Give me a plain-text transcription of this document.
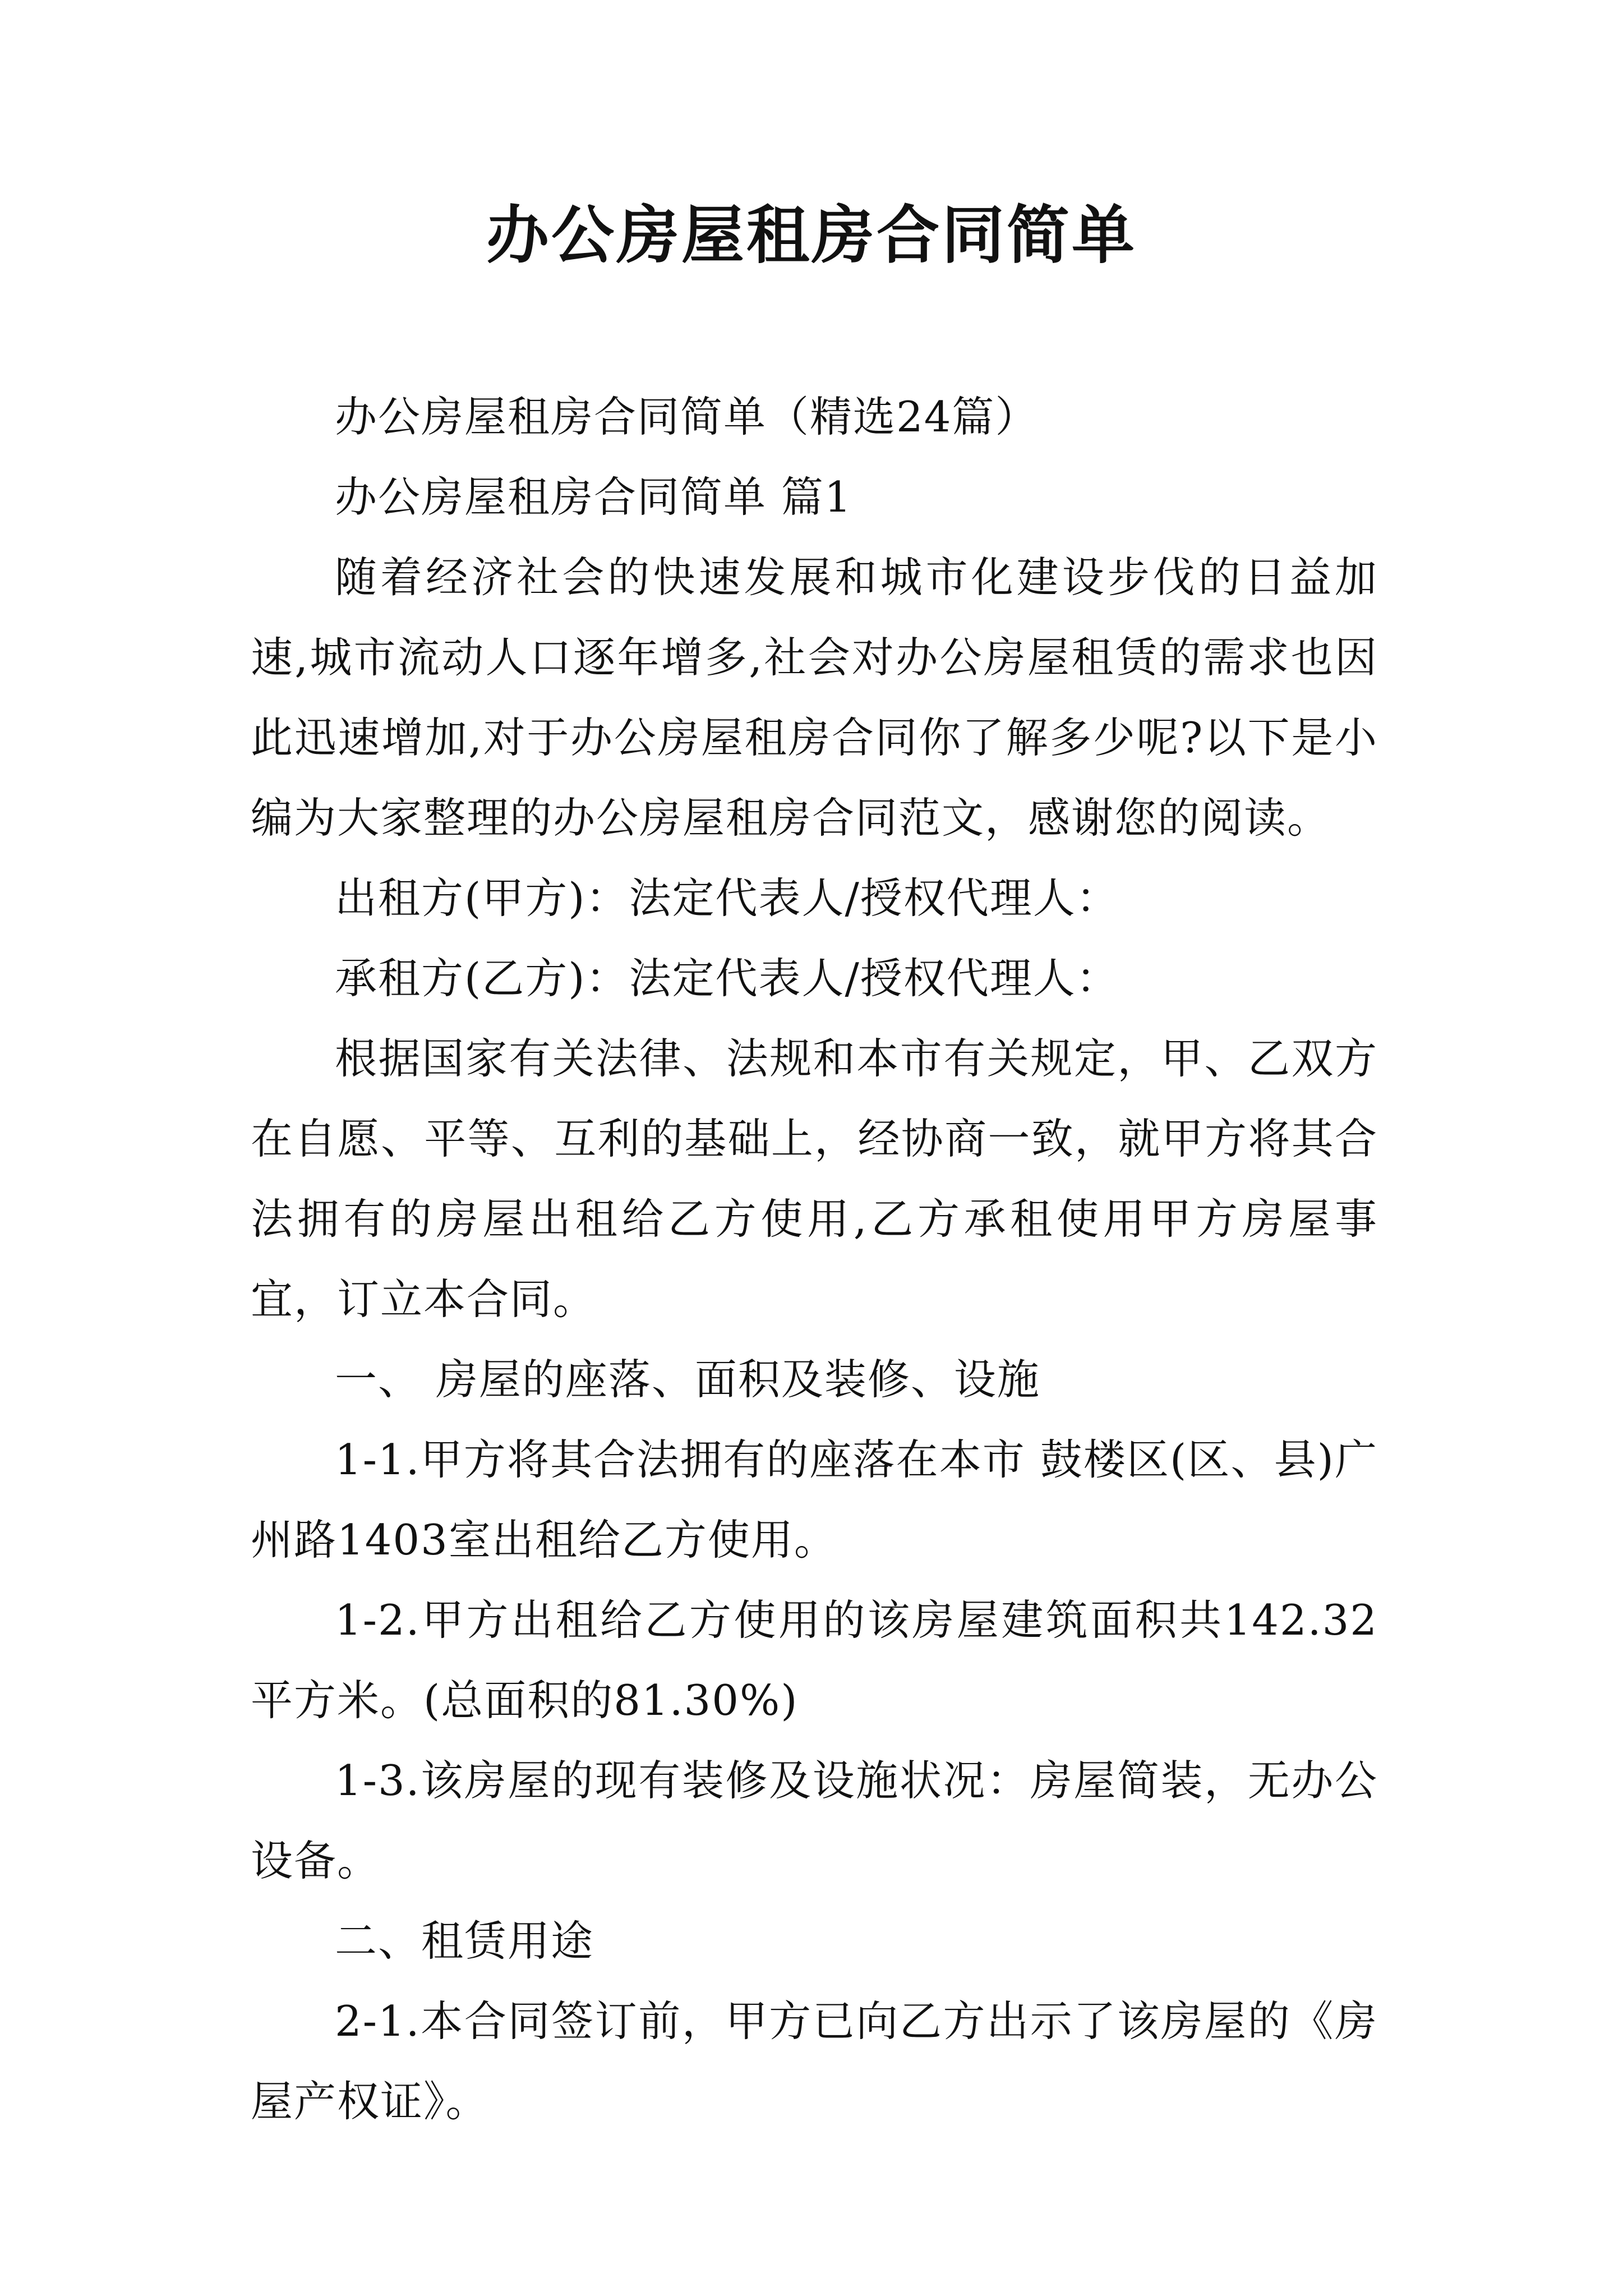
办公房屋租房合同简单

办公房屋租房合同简单（精选24篇）

办公房屋租房合同简单 篇1

随着经济社会的快速发展和城市化建设步伐的日益加速,城市流动人口逐年增多,社会对办公房屋租赁的需求也因此迅速增加,对于办公房屋租房合同你了解多少呢?以下是小编为大家整理的办公房屋租房合同范文，感谢您的阅读。

出租方(甲方)：法定代表人/授权代理人：

承租方(乙方)：法定代表人/授权代理人：

根据国家有关法律、法规和本市有关规定，甲、乙双方在自愿、平等、互利的基础上，经协商一致，就甲方将其合法拥有的房屋出租给乙方使用,乙方承租使用甲方房屋事宜，订立本合同。

一、 房屋的座落、面积及装修、设施

1-1.甲方将其合法拥有的座落在本市 鼓楼区(区、县)广州路1403室出租给乙方使用。

1-2.甲方出租给乙方使用的该房屋建筑面积共142.32平方米。(总面积的81.30%)

1-3.该房屋的现有装修及设施状况：房屋简装，无办公设备。

二、租赁用途

2-1.本合同签订前，甲方已向乙方出示了该房屋的《房屋产权证》。
